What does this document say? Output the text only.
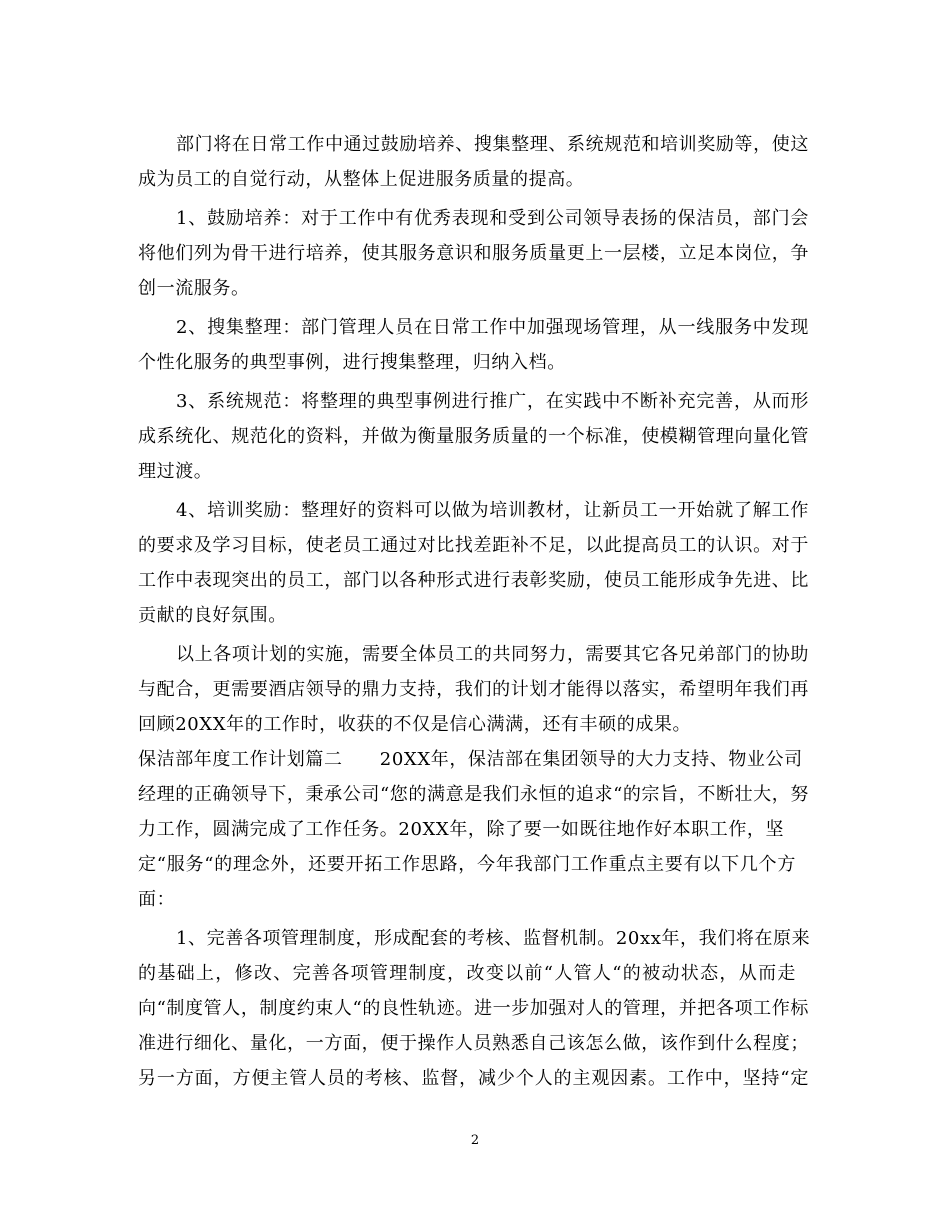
部门将在日常工作中通过鼓励培养、搜集整理、系统规范和培训奖励等，使这
成为员工的自觉行动，从整体上促进服务质量的提高。
1、鼓励培养：对于工作中有优秀表现和受到公司领导表扬的保洁员，部门会
将他们列为骨干进行培养，使其服务意识和服务质量更上一层楼，立足本岗位，争
创一流服务。
2、搜集整理：部门管理人员在日常工作中加强现场管理，从一线服务中发现
个性化服务的典型事例，进行搜集整理，归纳入档。
3、系统规范：将整理的典型事例进行推广，在实践中不断补充完善，从而形
成系统化、规范化的资料，并做为衡量服务质量的一个标准，使模糊管理向量化管
理过渡。
4、培训奖励：整理好的资料可以做为培训教材，让新员工一开始就了解工作
的要求及学习目标，使老员工通过对比找差距补不足，以此提高员工的认识。对于
工作中表现突出的员工，部门以各种形式进行表彰奖励，使员工能形成争先进、比
贡献的良好氛围。
以上各项计划的实施，需要全体员工的共同努力，需要其它各兄弟部门的协助
与配合，更需要酒店领导的鼎力支持，我们的计划才能得以落实，希望明年我们再
回顾20XX年的工作时，收获的不仅是信心满满，还有丰硕的成果。
保洁部年度工作计划篇二　　20XX年，保洁部在集团领导的大力支持、物业公司
经理的正确领导下，秉承公司“您的满意是我们永恒的追求“的宗旨，不断壮大，努
力工作，圆满完成了工作任务。20XX年，除了要一如既往地作好本职工作，坚
定“服务“的理念外，还要开拓工作思路，今年我部门工作重点主要有以下几个方
面：
1、完善各项管理制度，形成配套的考核、监督机制。20xx年，我们将在原来
的基础上，修改、完善各项管理制度，改变以前“人管人“的被动状态，从而走
向“制度管人，制度约束人“的良性轨迹。进一步加强对人的管理，并把各项工作标
准进行细化、量化，一方面，便于操作人员熟悉自己该怎么做，该作到什么程度；
另一方面，方便主管人员的考核、监督，减少个人的主观因素。工作中，坚持“定
2
